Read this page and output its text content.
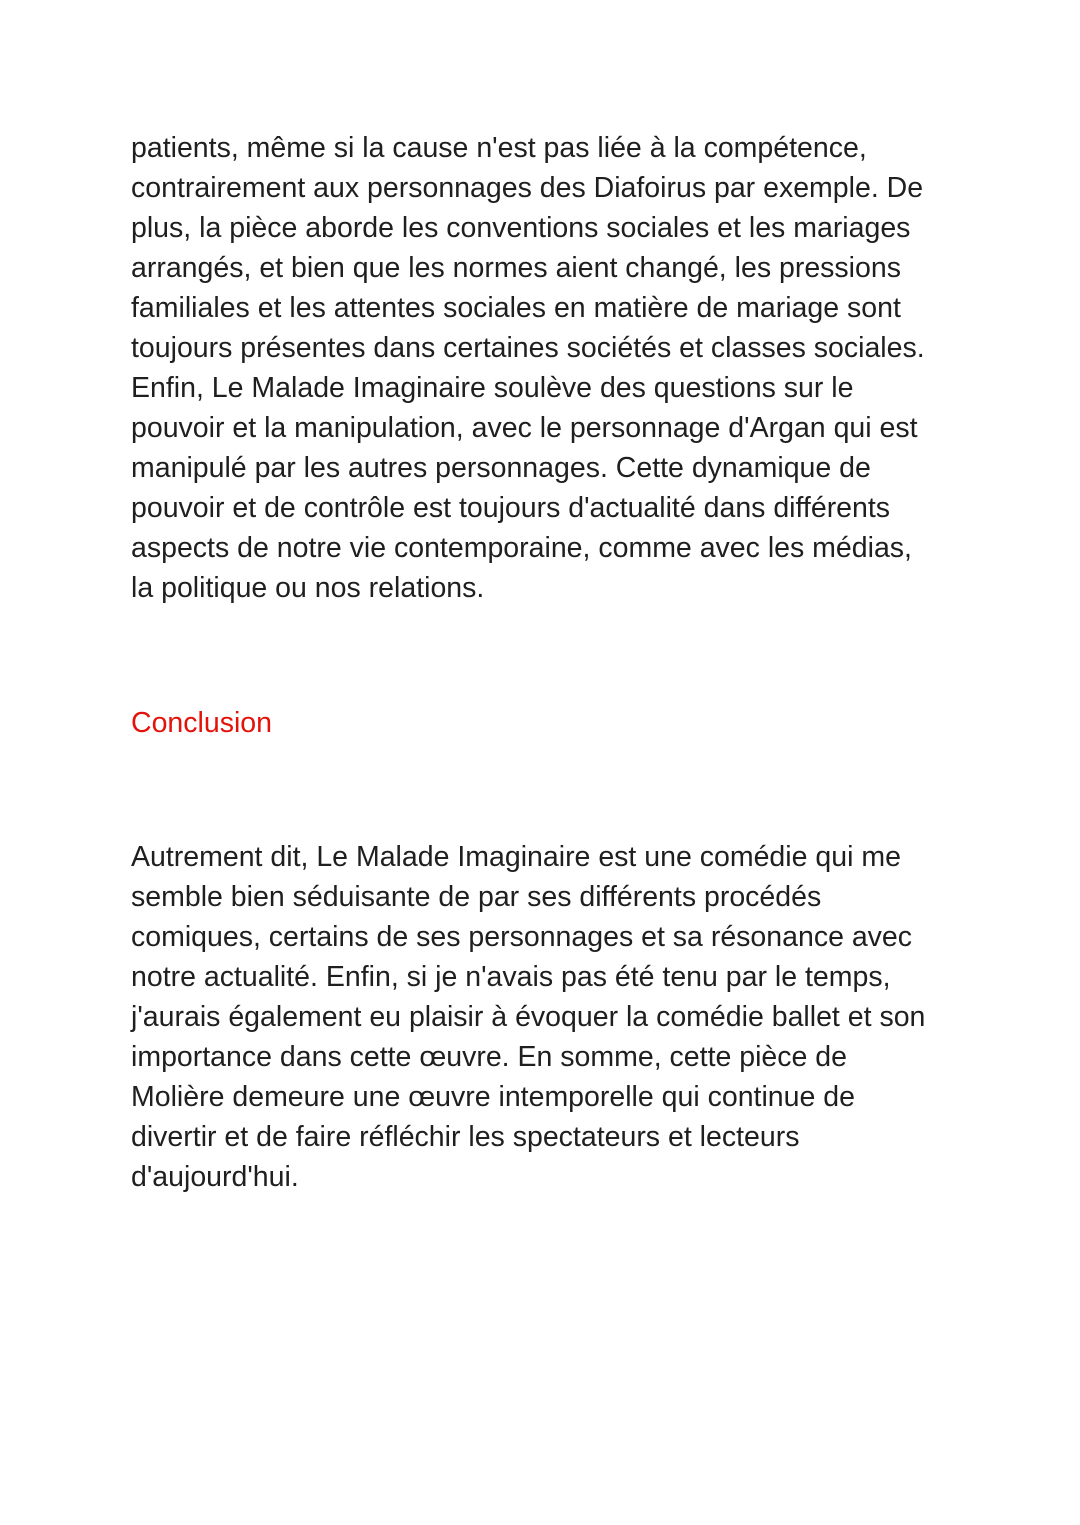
patients, même si la cause n'est pas liée à la compétence,

contrairement aux personnages des Diafoirus par exemple. De

plus, la pièce aborde les conventions sociales et les mariages

arrangés, et bien que les normes aient changé, les pressions

familiales et les attentes sociales en matière de mariage sont

toujours présentes dans certaines sociétés et classes sociales.

Enfin, Le Malade Imaginaire soulève des questions sur le

pouvoir et la manipulation, avec le personnage d'Argan qui est

manipulé par les autres personnages. Cette dynamique de

pouvoir et de contrôle est toujours d'actualité dans différents

aspects de notre vie contemporaine, comme avec les médias,

la politique ou nos relations.

Conclusion

Autrement dit, Le Malade Imaginaire est une comédie qui me

semble bien séduisante de par ses différents procédés

comiques, certains de ses personnages et sa résonance avec

notre actualité. Enfin, si je n'avais pas été tenu par le temps,

j'aurais également eu plaisir à évoquer la comédie ballet et son

importance dans cette œuvre. En somme, cette pièce de

Molière demeure une œuvre intemporelle qui continue de

divertir et de faire réfléchir les spectateurs et lecteurs

d'aujourd'hui.
